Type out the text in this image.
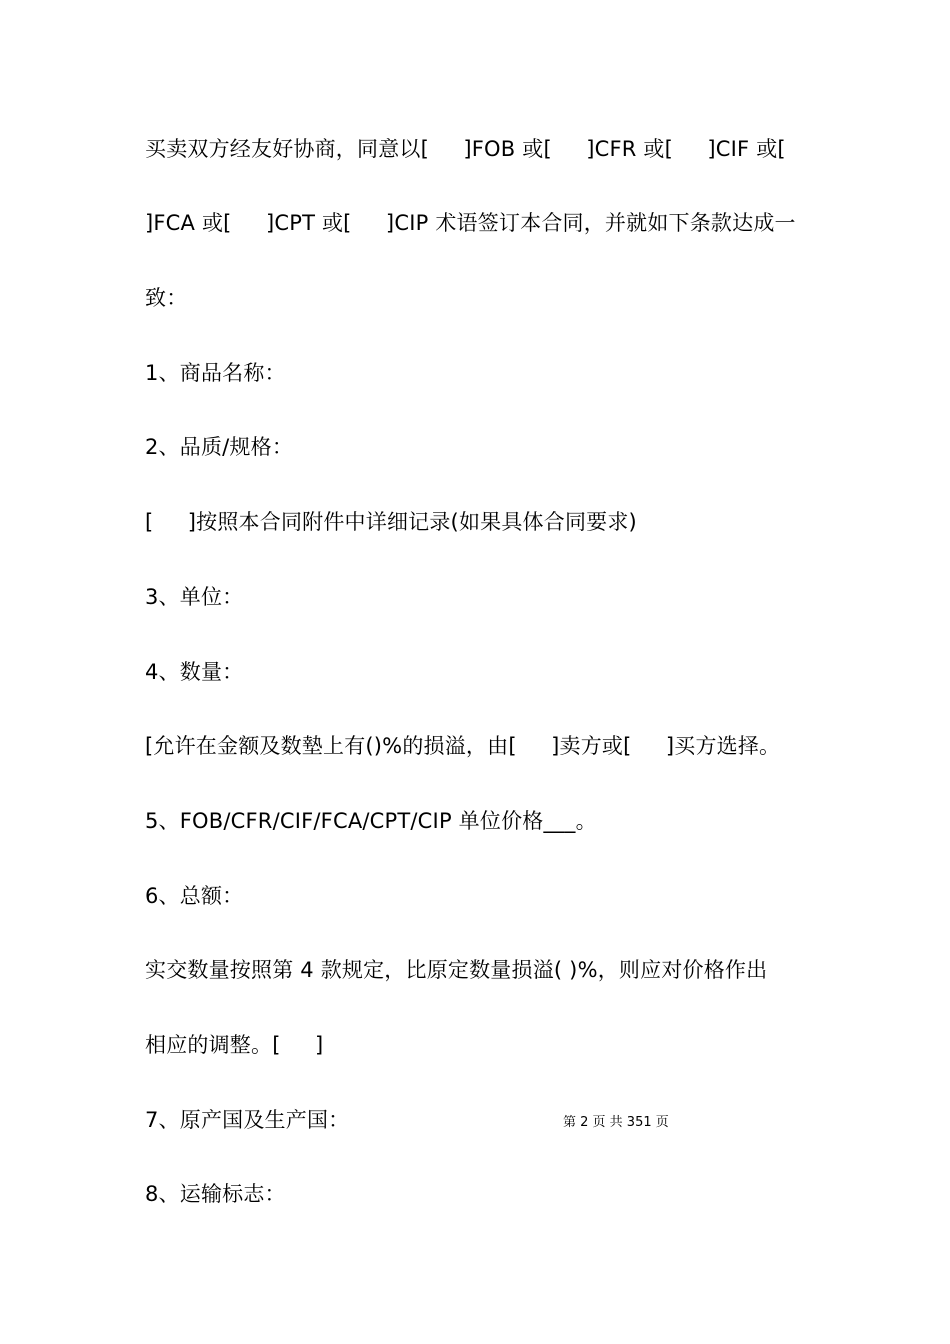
买卖双方经友好协商，同意以[     ]FOB 或[     ]CFR 或[     ]CIF 或[
]FCA 或[     ]CPT 或[     ]CIP 术语签订本合同，并就如下条款达成一
致：
1、商品名称：
2、品质/规格：
[     ]按照本合同附件中详细记录(如果具体合同要求)
3、单位：
4、数量：
[允许在金额及数墊上有()%的损溢，由[     ]卖方或[     ]买方选择。
5、FOB/CFR/CIF/FCA/CPT/CIP 单位价格___。
6、总额：
实交数量按照第 4 款规定，比原定数量损溢( )%，则应对价格作出
相应的调整。[     ]
7、原产国及生产国：
8、运输标志：
第 2 页 共 351 页
